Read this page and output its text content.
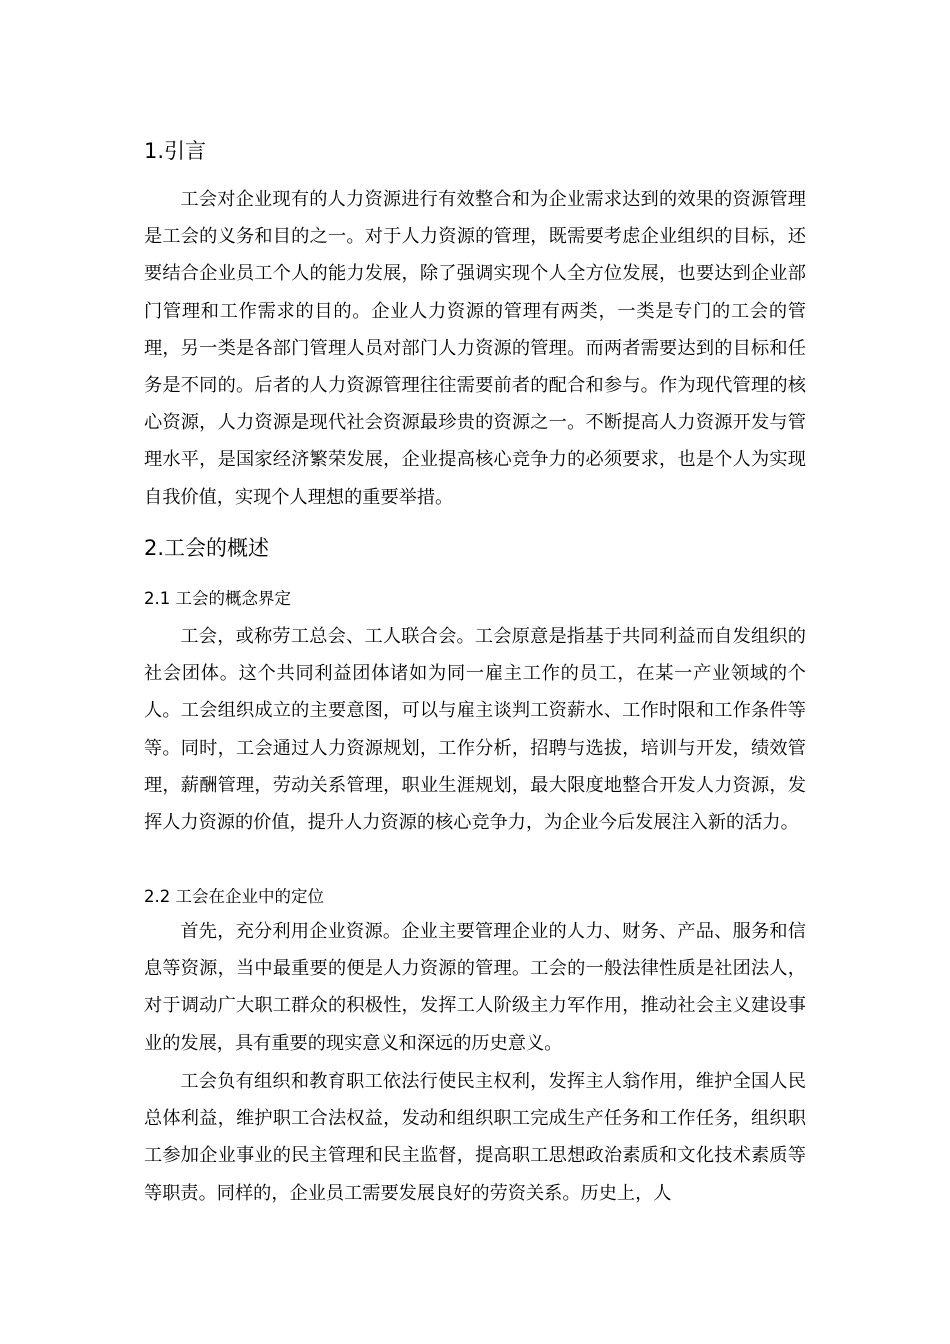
1.引言

工会对企业现有的人力资源进行有效整合和为企业需求达到的效果的资源管理是工会的义务和目的之一。对于人力资源的管理，既需要考虑企业组织的目标，还要结合企业员工个人的能力发展，除了强调实现个人全方位发展，也要达到企业部门管理和工作需求的目的。企业人力资源的管理有两类，一类是专门的工会的管理，另一类是各部门管理人员对部门人力资源的管理。而两者需要达到的目标和任务是不同的。后者的人力资源管理往往需要前者的配合和参与。作为现代管理的核心资源，人力资源是现代社会资源最珍贵的资源之一。不断提高人力资源开发与管理水平，是国家经济繁荣发展，企业提高核心竞争力的必须要求，也是个人为实现自我价值，实现个人理想的重要举措。

2.工会的概述
2.1 工会的概念界定

工会，或称劳工总会、工人联合会。工会原意是指基于共同利益而自发组织的社会团体。这个共同利益团体诸如为同一雇主工作的员工，在某一产业领域的个人。工会组织成立的主要意图，可以与雇主谈判工资薪水、工作时限和工作条件等等。同时，工会通过人力资源规划，工作分析，招聘与选拔，培训与开发，绩效管理，薪酬管理，劳动关系管理，职业生涯规划，最大限度地整合开发人力资源，发挥人力资源的价值，提升人力资源的核心竞争力，为企业今后发展注入新的活力。

2.2 工会在企业中的定位

首先，充分利用企业资源。企业主要管理企业的人力、财务、产品、服务和信息等资源，当中最重要的便是人力资源的管理。工会的一般法律性质是社团法人，对于调动广大职工群众的积极性，发挥工人阶级主力军作用，推动社会主义建设事业的发展，具有重要的现实意义和深远的历史意义。

工会负有组织和教育职工依法行使民主权利，发挥主人翁作用，维护全国人民总体利益，维护职工合法权益，发动和组织职工完成生产任务和工作任务，组织职工参加企业事业的民主管理和民主监督，提高职工思想政治素质和文化技术素质等等职责。同样的，企业员工需要发展良好的劳资关系。历史上，人
